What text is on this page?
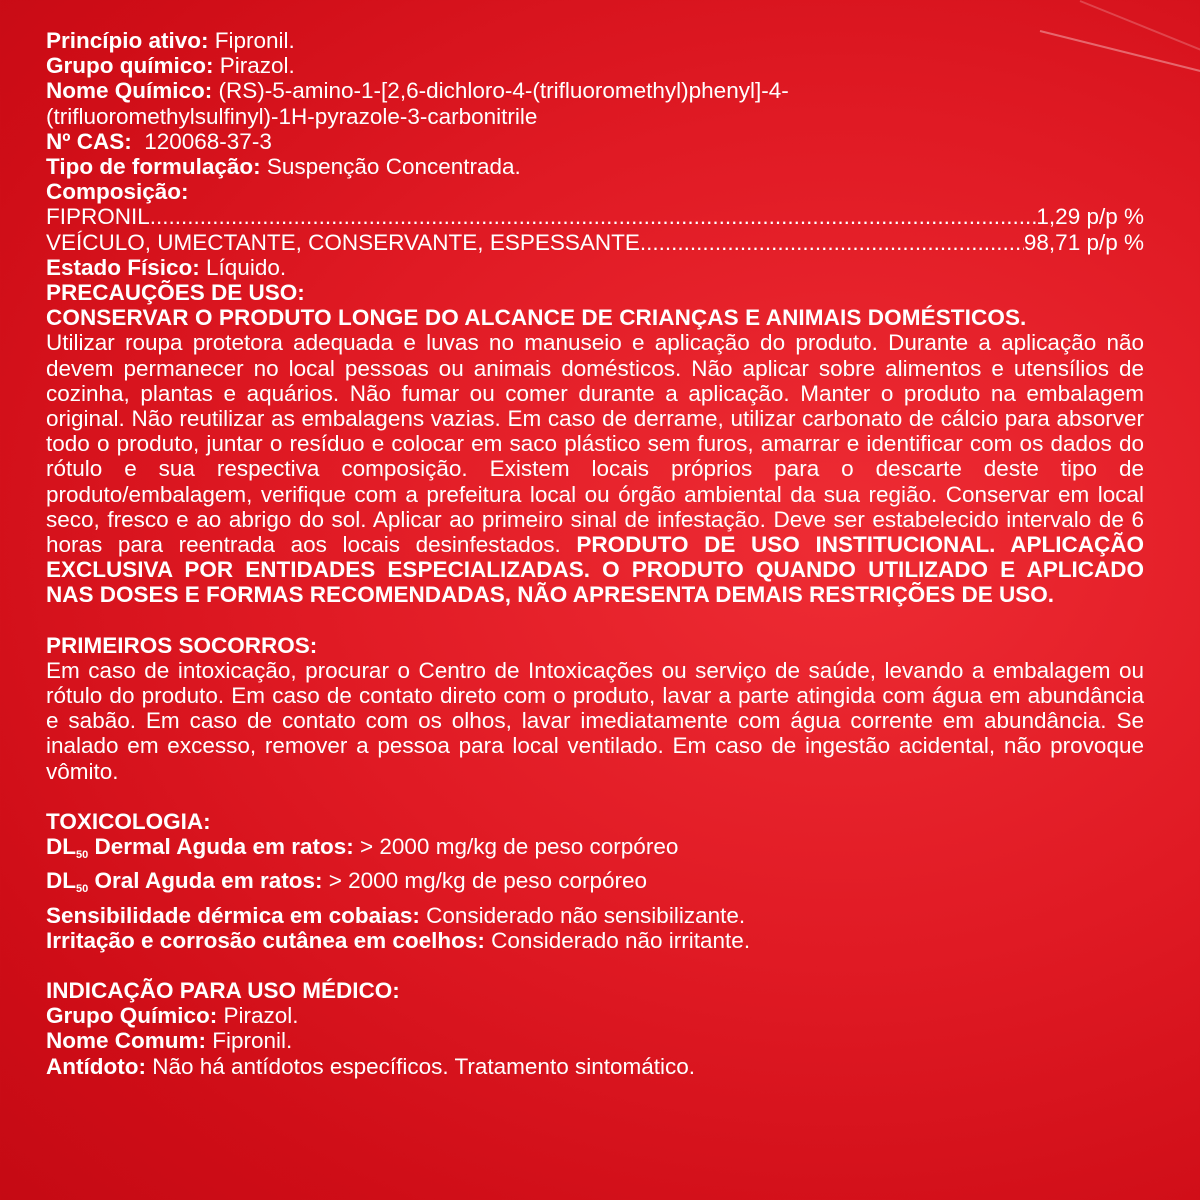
Princípio ativo: Fipronil.
Grupo químico: Pirazol.
Nome Químico: (RS)-5-amino-1-[2,6-dichloro-4-(trifluoromethyl)phenyl]-4-
(trifluoromethylsulfinyl)-1H-pyrazole-3-carbonitrile
Nº CAS:  120068-37-3
Tipo de formulação: Suspenção Concentrada.
Composição:
FIPRONIL .....	1,29 p/p %
VEÍCULO, UMECTANTE, CONSERVANTE, ESPESSANTE .....	98,71 p/p %
Estado Físico: Líquido.
PRECAUÇÕES DE USO:
CONSERVAR O PRODUTO LONGE DO ALCANCE DE CRIANÇAS E ANIMAIS DOMÉSTICOS.
Utilizar roupa protetora adequada e luvas no manuseio e aplicação do produto. Durante a aplicação não devem permanecer no local pessoas ou animais domésticos. Não aplicar sobre alimentos e utensílios de cozinha, plantas e aquários. Não fumar ou comer durante a aplicação. Manter o produto na embalagem original. Não reutilizar as embalagens vazias. Em caso de derrame, utilizar carbonato de cálcio para absorver todo o produto, juntar o resíduo e colocar em saco plástico sem furos, amarrar e identificar com os dados do rótulo e sua respectiva composição. Existem locais próprios para o descarte deste tipo de produto/embalagem, verifique com a prefeitura local ou órgão ambiental da sua região. Conservar em local seco, fresco e ao abrigo do sol. Aplicar ao primeiro sinal de infestação. Deve ser estabelecido intervalo de 6 horas para reentrada aos locais desinfestados. PRODUTO DE USO INSTITUCIONAL. APLICAÇÃO EXCLUSIVA POR ENTIDADES ESPECIALIZADAS. O PRODUTO QUANDO UTILIZADO E APLICADO NAS DOSES E FORMAS RECOMENDADAS, NÃO APRESENTA DEMAIS RESTRIÇÕES DE USO.
PRIMEIROS SOCORROS:
Em caso de intoxicação, procurar o Centro de Intoxicações ou serviço de saúde, levando a embalagem ou rótulo do produto. Em caso de contato direto com o produto, lavar a parte atingida com água em abundância e sabão. Em caso de contato com os olhos, lavar imediatamente com água corrente em abundância. Se inalado em excesso, remover a pessoa para local ventilado. Em caso de ingestão acidental, não provoque vômito.
TOXICOLOGIA:
$DL_{50}$ Dermal Aguda em ratos: > 2000 mg/kg de peso corpóreo
$DL_{50}$ Oral Aguda em ratos: > 2000 mg/kg de peso corpóreo
Sensibilidade dérmica em cobaias: Considerado não sensibilizante.
Irritação e corrosão cutânea em coelhos: Considerado não irritante.
INDICAÇÃO PARA USO MÉDICO:
Grupo Químico: Pirazol.
Nome Comum: Fipronil.
Antídoto: Não há antídotos específicos. Tratamento sintomático.
